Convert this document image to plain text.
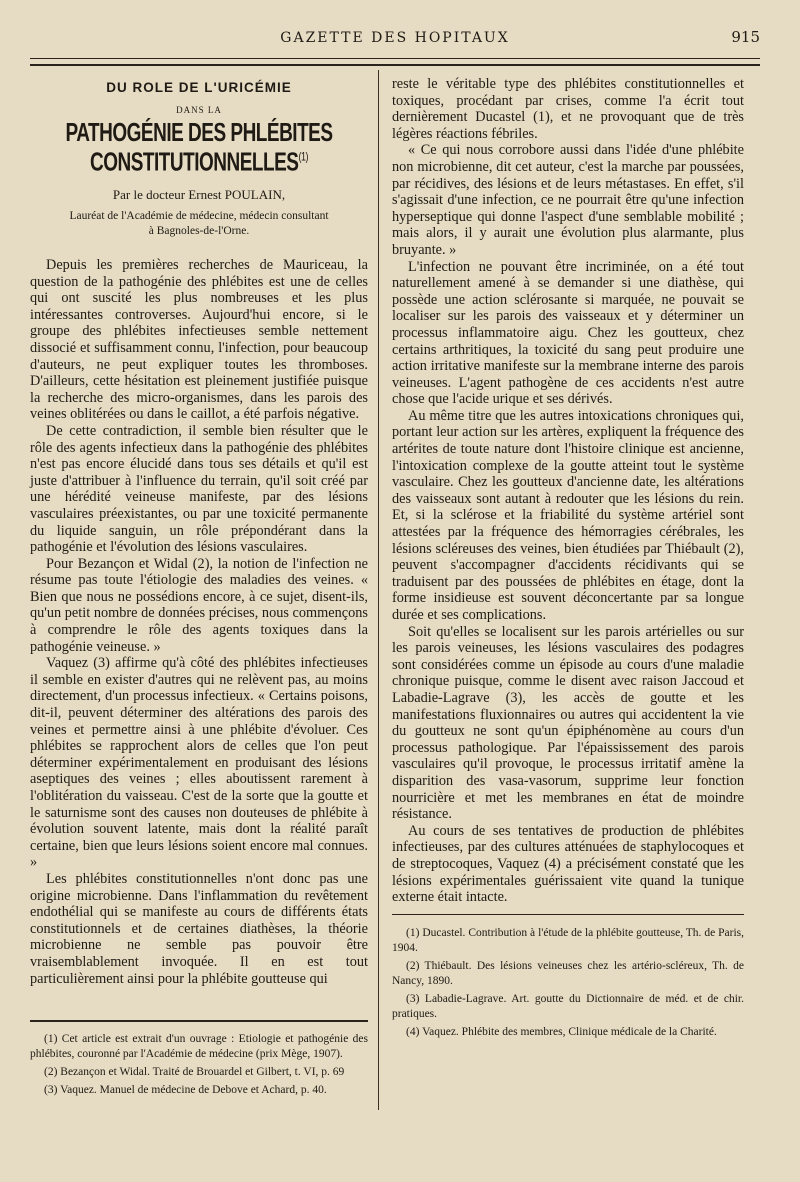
GAZETTE DES HOPITAUX	915
DU ROLE DE L'URICÉMIE
DANS LA
PATHOGÉNIE DES PHLÉBITES CONSTITUTIONNELLES$^{(1)}$
Par le docteur Ernest POULAIN,
Lauréat de l'Académie de médecine, médecin consultant
à Bagnoles-de-l'Orne.

Depuis les premières recherches de Mauriceau, la question de la pathogénie des phlébites est une de celles qui ont suscité les plus nombreuses et les plus intéressantes controverses. Aujourd'hui encore, si le groupe des phlébites infectieuses semble nettement dissocié et suffisamment connu, l'infection, pour beaucoup d'auteurs, ne peut expliquer toutes les thromboses. D'ailleurs, cette hésitation est pleinement justifiée puisque la recherche des micro-organismes, dans les parois des veines oblitérées ou dans le caillot, a été parfois négative.

De cette contradiction, il semble bien résulter que le rôle des agents infectieux dans la pathogénie des phlébites n'est pas encore élucidé dans tous ses détails et qu'il est juste d'attribuer à l'influence du terrain, qu'il soit créé par une hérédité veineuse manifeste, par des lésions vasculaires préexistantes, ou par une toxicité permanente du liquide sanguin, un rôle prépondérant dans la pathogénie et l'évolution des lésions vasculaires.

Pour Bezançon et Widal (2), la notion de l'infection ne résume pas toute l'étiologie des maladies des veines. « Bien que nous ne possédions encore, à ce sujet, disent-ils, qu'un petit nombre de données précises, nous commençons à comprendre le rôle des agents toxiques dans la pathogénie veineuse. »

Vaquez (3) affirme qu'à côté des phlébites infectieuses il semble en exister d'autres qui ne relèvent pas, au moins directement, d'un processus infectieux. « Certains poisons, dit-il, peuvent déterminer des altérations des parois des veines et permettre ainsi à une phlébite d'évoluer. Ces phlébites se rapprochent alors de celles que l'on peut déterminer expérimentalement en produisant des lésions aseptiques des veines ; elles aboutissent rarement à l'oblitération du vaisseau. C'est de la sorte que la goutte et le saturnisme sont des causes non douteuses de phlébite à évolution souvent latente, mais dont la réalité paraît certaine, bien que leurs lésions soient encore mal connues. »

Les phlébites constitutionnelles n'ont donc pas une origine microbienne. Dans l'inflammation du revêtement endothélial qui se manifeste au cours de différents états constitutionnels et de certaines diathèses, la théorie microbienne ne semble pas pouvoir être vraisemblablement invoquée. Il en est tout particulièrement ainsi pour la phlébite goutteuse qui

reste le véritable type des phlébites constitutionnelles et toxiques, procédant par crises, comme l'a écrit tout dernièrement Ducastel (1), et ne provoquant que de très légères réactions fébriles.

« Ce qui nous corrobore aussi dans l'idée d'une phlébite non microbienne, dit cet auteur, c'est la marche par poussées, par récidives, des lésions et de leurs métastases. En effet, s'il s'agissait d'une infection, ce ne pourrait être qu'une infection hyperseptique qui donne l'aspect d'une semblable mobilité ; mais alors, il y aurait une évolution plus alarmante, plus bruyante. »

L'infection ne pouvant être incriminée, on a été tout naturellement amené à se demander si une diathèse, qui possède une action sclérosante si marquée, ne pouvait se localiser sur les parois des vaisseaux et y déterminer un processus inflammatoire aigu. Chez les goutteux, chez certains arthritiques, la toxicité du sang peut produire une action irritative manifeste sur la membrane interne des parois veineuses. L'agent pathogène de ces accidents n'est autre chose que l'acide urique et ses dérivés.

Au même titre que les autres intoxications chroniques qui, portant leur action sur les artères, expliquent la fréquence des artérites de toute nature dont l'histoire clinique est ancienne, l'intoxication complexe de la goutte atteint tout le système vasculaire. Chez les goutteux d'ancienne date, les altérations des vaisseaux sont autant à redouter que les lésions du rein. Et, si la sclérose et la friabilité du système artériel sont attestées par la fréquence des hémorragies cérébrales, les lésions scléreuses des veines, bien étudiées par Thiébault (2), peuvent s'accompagner d'accidents récidivants qui se traduisent par des poussées de phlébites en étage, dont la forme insidieuse est souvent déconcertante par sa longue durée et ses complications.

Soit qu'elles se localisent sur les parois artérielles ou sur les parois veineuses, les lésions vasculaires des podagres sont considérées comme un épisode au cours d'une maladie chronique puisque, comme le disent avec raison Jaccoud et Labadie-Lagrave (3), les accès de goutte et les manifestations fluxionnaires ou autres qui accidentent la vie du goutteux ne sont qu'un épiphénomène au cours d'un processus pathologique. Par l'épaississement des parois vasculaires qu'il provoque, le processus irritatif amène la disparition des vasa-vasorum, supprime leur fonction nourricière et met les membranes en état de moindre résistance.

Au cours de ses tentatives de production de phlébites infectieuses, par des cultures atténuées de staphylocoques et de streptocoques, Vaquez (4) a précisément constaté que les lésions expérimentales guérissaient vite quand la tunique externe était intacte.

(1) Cet article est extrait d'un ouvrage : Etiologie et pathogénie des phlébites, couronné par l'Académie de médecine (prix Mège, 1907).

(2) Bezançon et Widal. Traité de Brouardel et Gilbert, t. VI, p. 69

(3) Vaquez. Manuel de médecine de Debove et Achard, p. 40.

(1) Ducastel. Contribution à l'étude de la phlébite goutteuse, Th. de Paris, 1904.

(2) Thiébault. Des lésions veineuses chez les artério-scléreux, Th. de Nancy, 1890.

(3) Labadie-Lagrave. Art. goutte du Dictionnaire de méd. et de chir. pratiques.

(4) Vaquez. Phlébite des membres, Clinique médicale de la Charité.
